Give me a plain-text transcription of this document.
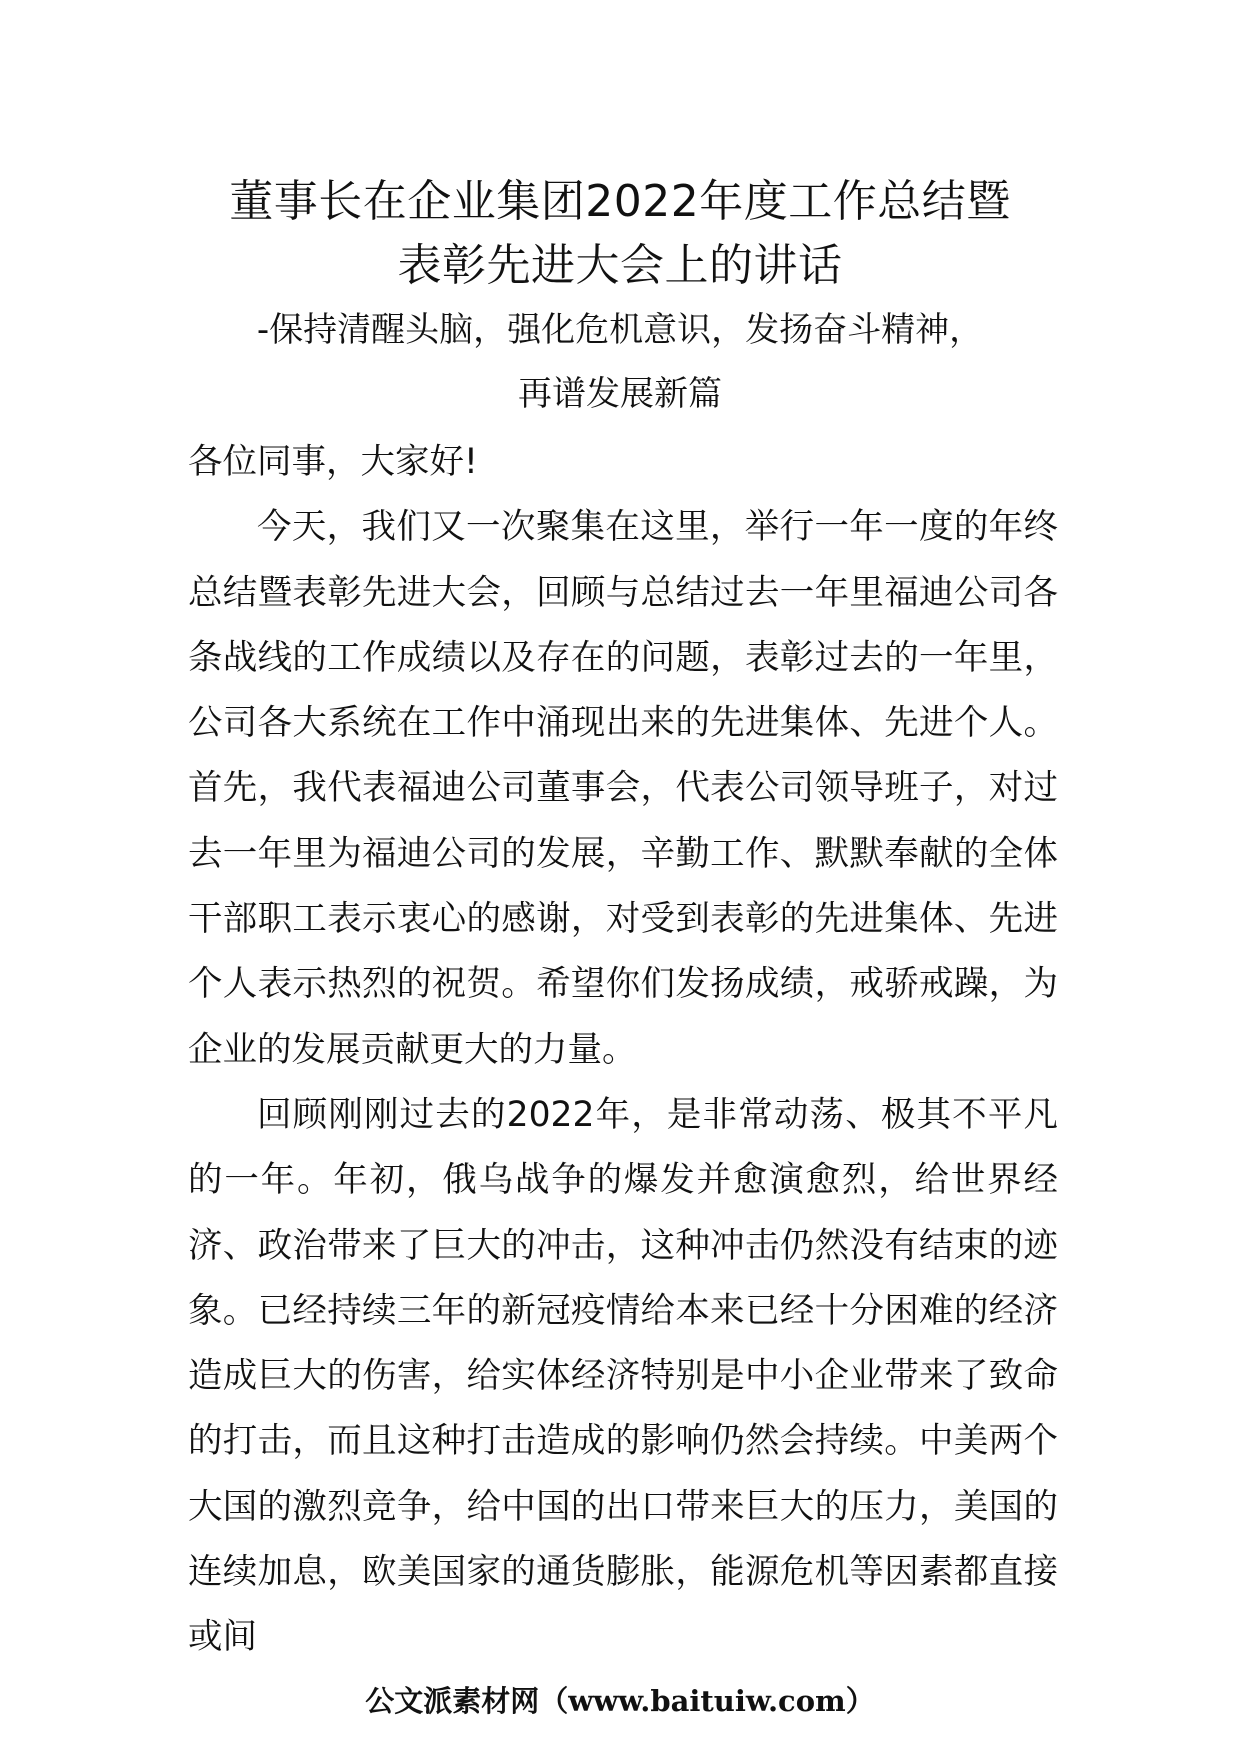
董事长在企业集团2022年度工作总结暨
表彰先进大会上的讲话
-保持清醒头脑，强化危机意识，发扬奋斗精神，
再谱发展新篇

各位同事，大家好!

今天，我们又一次聚集在这里，举行一年一度的年终总结暨表彰先进大会，回顾与总结过去一年里福迪公司各条战线的工作成绩以及存在的问题，表彰过去的一年里，公司各大系统在工作中涌现出来的先进集体、先进个人。首先，我代表福迪公司董事会，代表公司领导班子，对过去一年里为福迪公司的发展，辛勤工作、默默奉献的全体干部职工表示衷心的感谢，对受到表彰的先进集体、先进个人表示热烈的祝贺。希望你们发扬成绩，戒骄戒躁，为企业的发展贡献更大的力量。

回顾刚刚过去的2022年，是非常动荡、极其不平凡的一年。年初，俄乌战争的爆发并愈演愈烈，给世界经济、政治带来了巨大的冲击，这种冲击仍然没有结束的迹象。已经持续三年的新冠疫情给本来已经十分困难的经济造成巨大的伤害，给实体经济特别是中小企业带来了致命的打击，而且这种打击造成的影响仍然会持续。中美两个大国的激烈竞争，给中国的出口带来巨大的压力，美国的连续加息，欧美国家的通货膨胀，能源危机等因素都直接或间

公文派素材网（www.baituiw.com）
